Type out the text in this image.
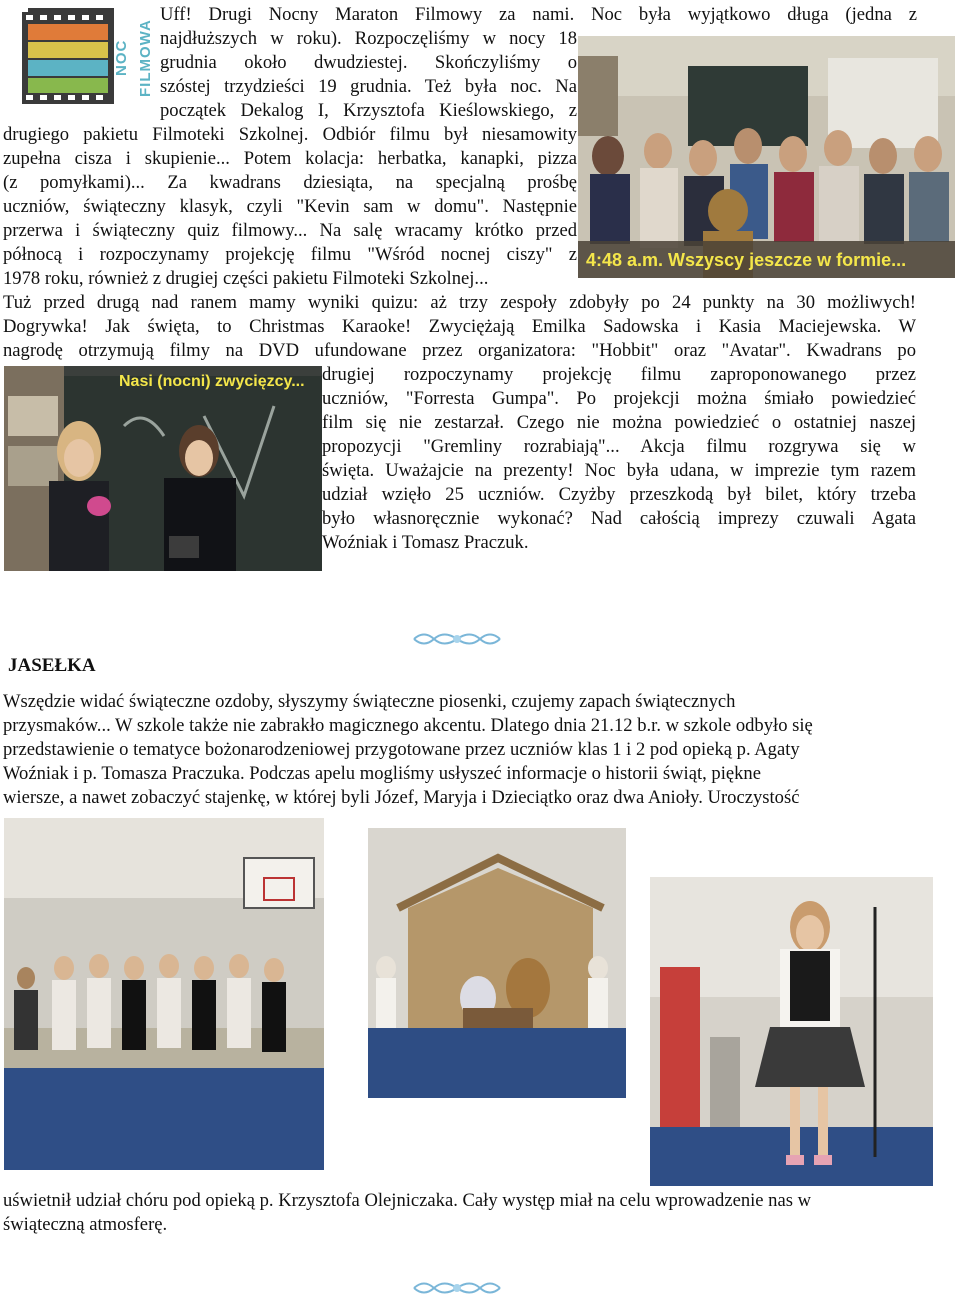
NOC FILMOWA
Uff! Drugi Nocny Maraton Filmowy za nami. Noc była wyjątkowo długa (jedna z
najdłuższych w roku). Rozpoczęliśmy w nocy 18
grudnia około dwudziestej. Skończyliśmy o
szóstej trzydzieści 19 grudnia. Też była noc. Na
początek Dekalog I, Krzysztofa Kieślowskiego, z
drugiego pakietu Filmoteki Szkolnej. Odbiór filmu był niesamowity
zupełna cisza i skupienie... Potem kolacja: herbatka, kanapki, pizza
(z pomyłkami)... Za kwadrans dziesiąta, na specjalną prośbę
uczniów, świąteczny klasyk, czyli "Kevin sam w domu". Następnie
przerwa i świąteczny quiz filmowy... Na salę wracamy krótko przed
północą i rozpoczynamy projekcję filmu "Wśród nocnej ciszy" z
1978 roku, również z drugiej części pakietu Filmoteki Szkolnej...
Tuż przed drugą nad ranem mamy wyniki quizu: aż trzy zespoły zdobyły po 24 punkty na 30 możliwych!
Dogrywka! Jak święta, to Christmas Karaoke! Zwyciężają Emilka Sadowska i Kasia Maciejewska. W
nagrodę otrzymują filmy na DVD ufundowane przez organizatora: "Hobbit" oraz "Avatar". Kwadrans po
drugiej rozpoczynamy projekcję filmu zaproponowanego przez
uczniów, "Forresta Gumpa". Po projekcji można śmiało powiedzieć
film się nie zestarzał. Czego nie można powiedzieć o ostatniej naszej
propozycji "Gremliny rozrabiają"... Akcja filmu rozgrywa się w
święta. Uważajcie na prezenty! Noc była udana, w imprezie tym razem
udział wzięło 25 uczniów. Czyżby przeszkodą był bilet, który trzeba
było własnoręcznie wykonać? Nad całością imprezy czuwali Agata
Woźniak i Tomasz Praczuk.
4:48 a.m. Wszyscy jeszcze w formie...
Nasi (nocni) zwycięzcy...
JASEŁKA
Wszędzie widać świąteczne ozdoby, słyszymy świąteczne piosenki, czujemy zapach świątecznych
przysmaków... W szkole także nie zabrakło magicznego akcentu. Dlatego dnia 21.12 b.r. w szkole odbyło się
przedstawienie o tematyce bożonarodzeniowej przygotowane przez uczniów klas 1 i 2 pod opieką p. Agaty
Woźniak i p. Tomasza Praczuka. Podczas apelu mogliśmy usłyszeć informacje o historii świąt, piękne
wiersze, a nawet zobaczyć stajenkę, w której byli Józef, Maryja i Dzieciątko oraz dwa Anioły. Uroczystość
uświetnił udział chóru pod opieką p. Krzysztofa Olejniczaka. Cały występ miał na celu wprowadzenie nas w
świąteczną atmosferę.
